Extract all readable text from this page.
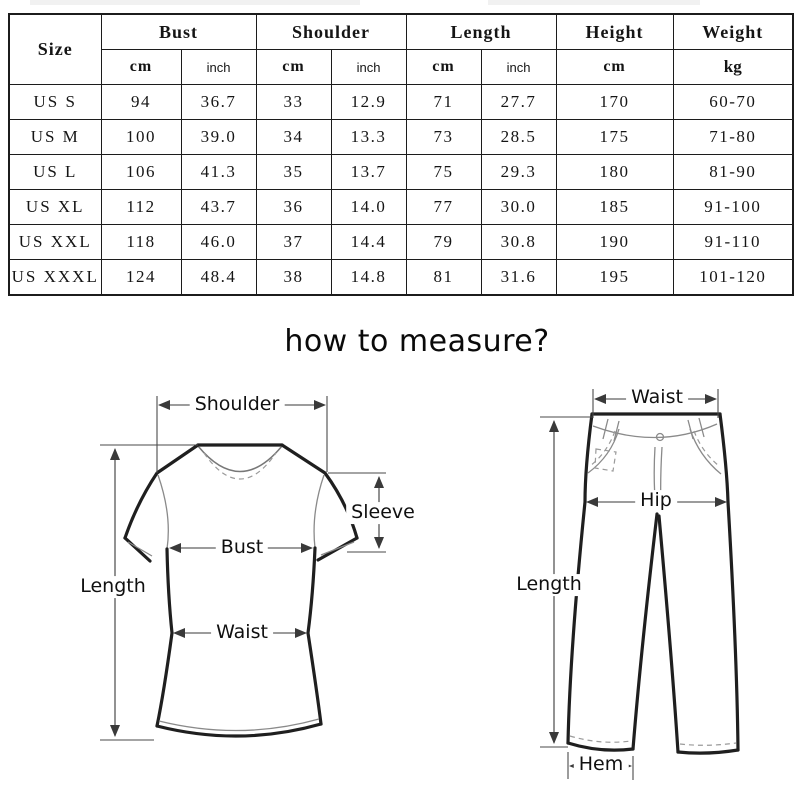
Size	Bust		Shoulder		Length		Height	Weight
	cm	inch	cm	inch	cm	inch	cm	kg
US S	94	36.7	33	12.9	71	27.7	170	60-70
US M	100	39.0	34	13.3	73	28.5	175	71-80
US L	106	41.3	35	13.7	75	29.3	180	81-90
US XL	112	43.7	36	14.0	77	30.0	185	91-100
US XXL	118	46.0	37	14.4	79	30.8	190	91-110
US XXXL	124	48.4	38	14.8	81	31.6	195	101-120
how to measure?
Shoulder
Sleeve
Bust
Length
Waist
Waist
Hip
Length
Hem
